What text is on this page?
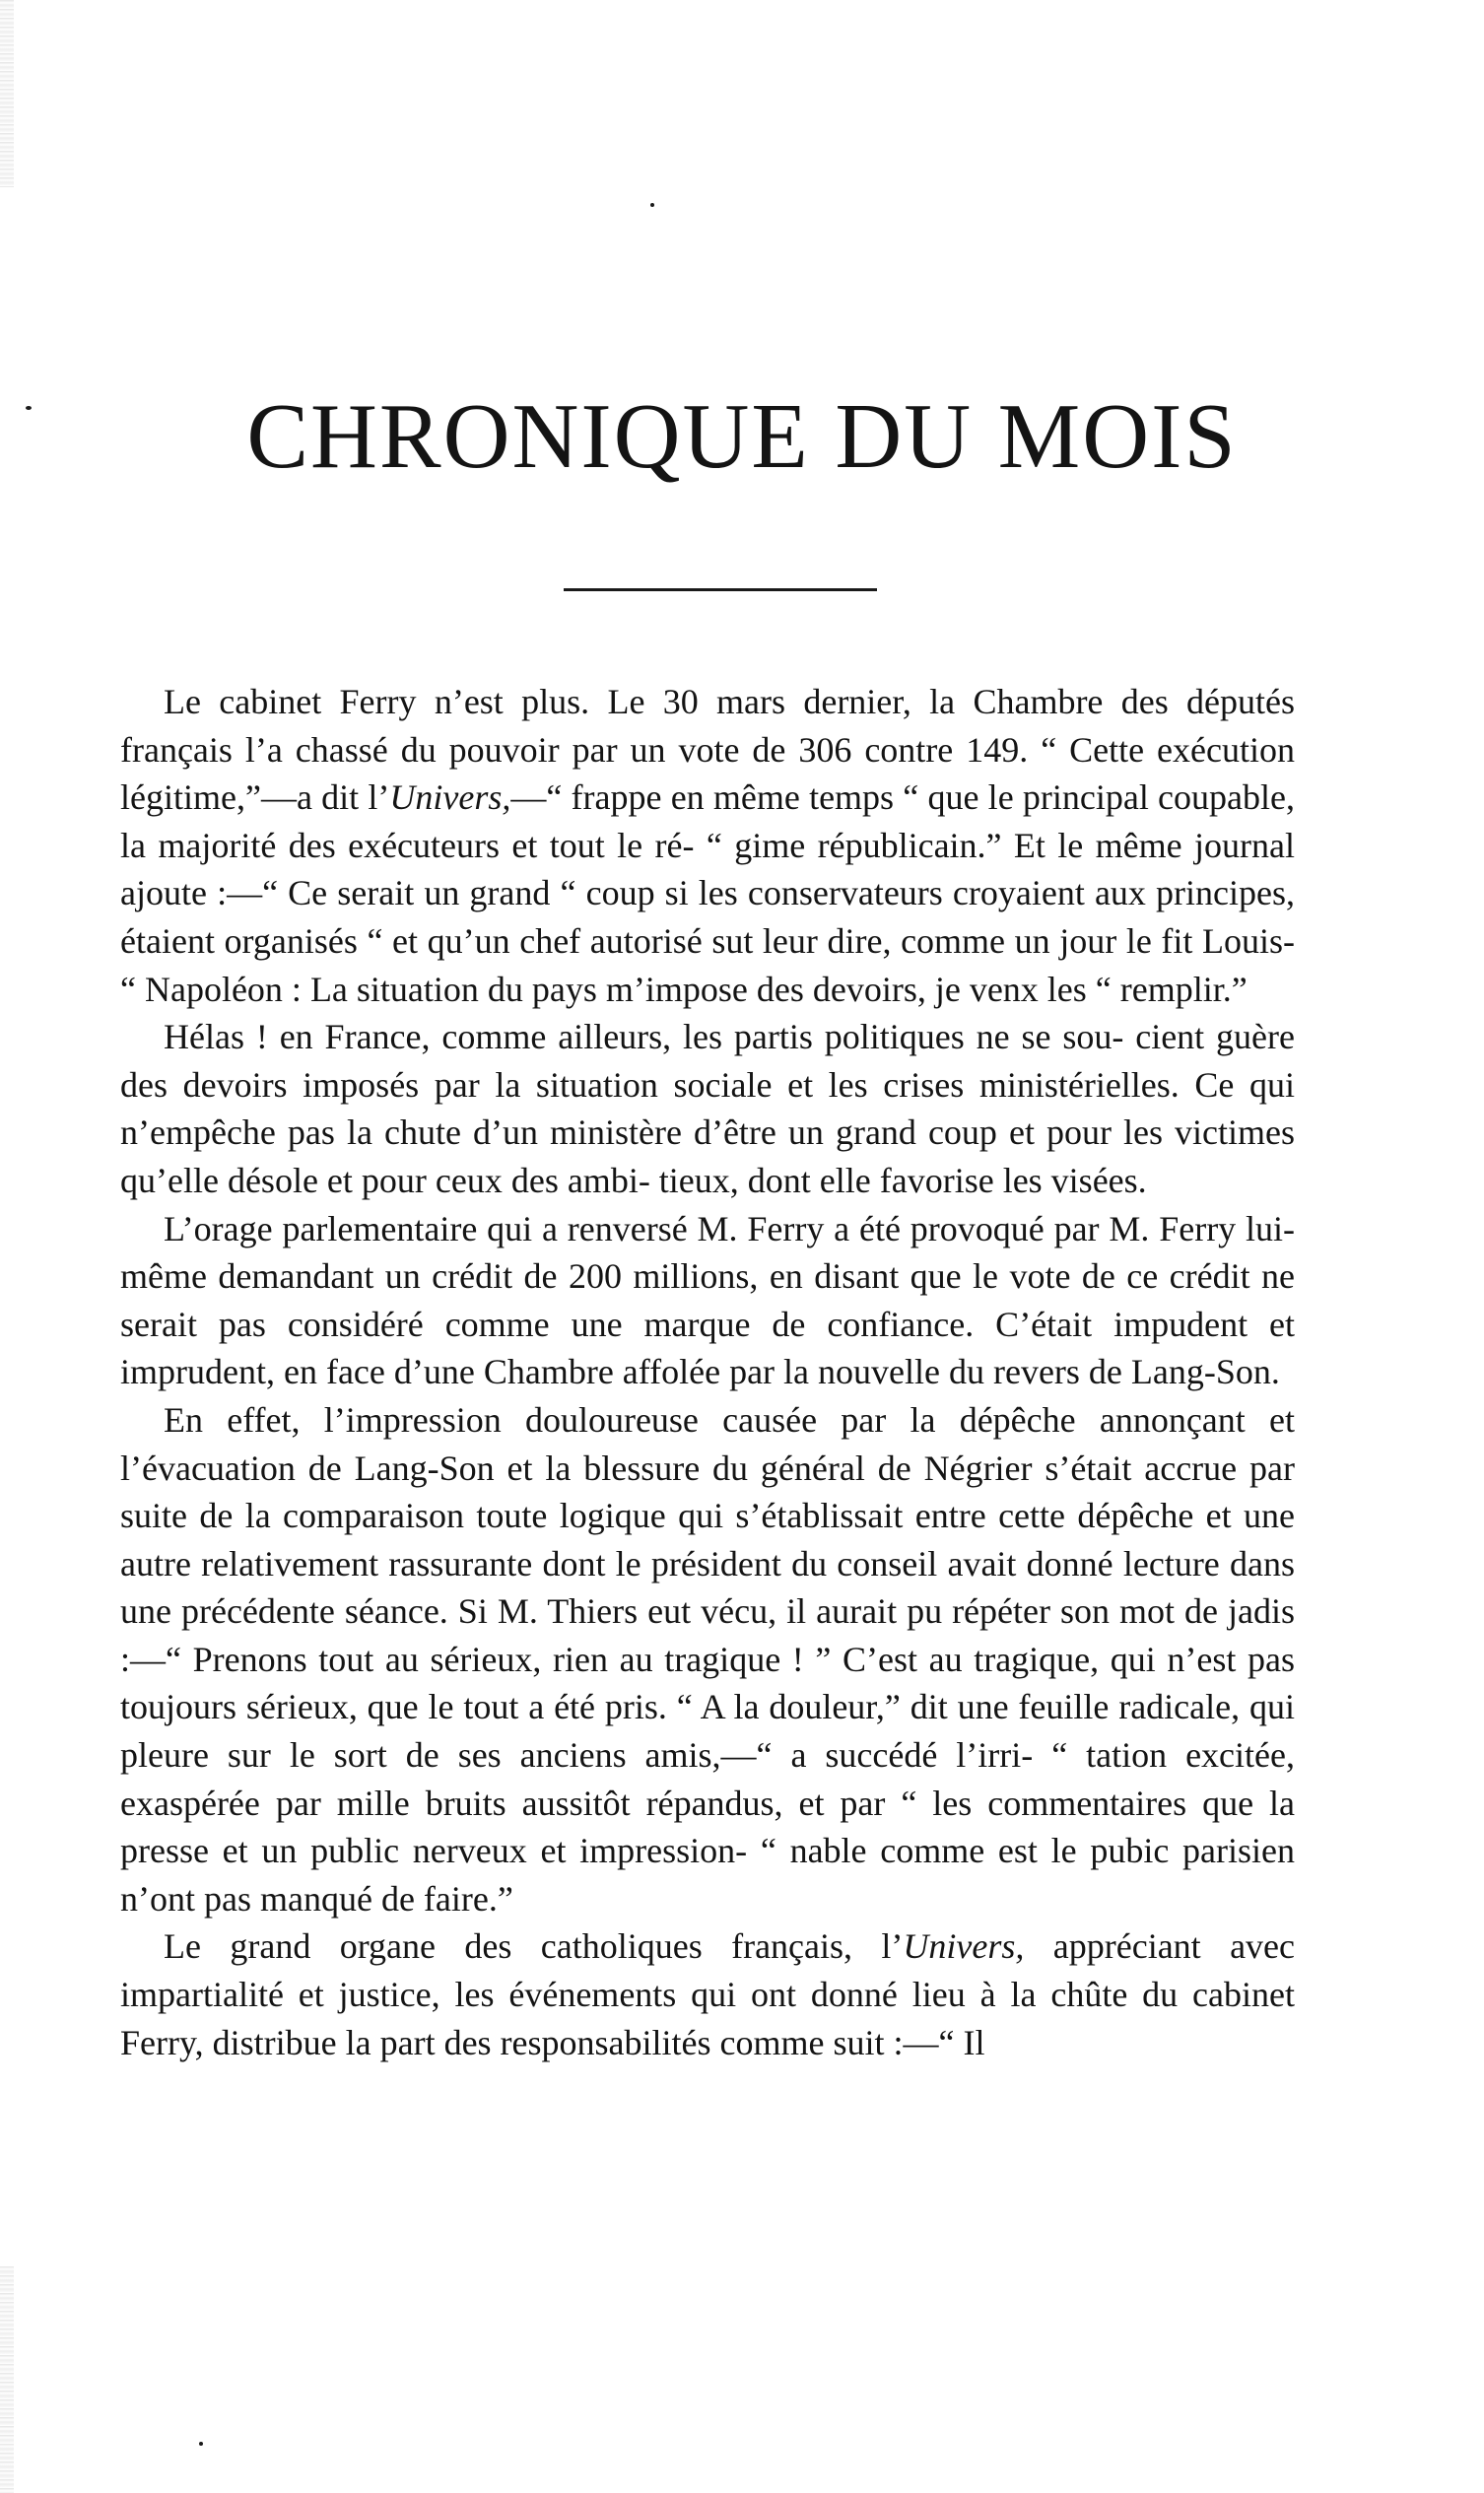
CHRONIQUE DU MOIS

Le cabinet Ferry n’est plus. Le 30 mars dernier, la Chambre des députés français l’a chassé du pouvoir par un vote de 306 contre 149. “ Cette exécution légitime,”—a dit l’Univers,—“ frappe en même temps “ que le principal coupable, la majorité des exécuteurs et tout le ré- “ gime républicain.” Et le même journal ajoute :—“ Ce serait un grand “ coup si les conservateurs croyaient aux principes, étaient organisés “ et qu’un chef autorisé sut leur dire, comme un jour le fit Louis- “ Napoléon : La situation du pays m’impose des devoirs, je venx les “ remplir.”

Hélas ! en France, comme ailleurs, les partis politiques ne se sou- cient guère des devoirs imposés par la situation sociale et les crises ministérielles. Ce qui n’empêche pas la chute d’un ministère d’être un grand coup et pour les victimes qu’elle désole et pour ceux des ambi- tieux, dont elle favorise les visées.

L’orage parlementaire qui a renversé M. Ferry a été provoqué par M. Ferry lui-même demandant un crédit de 200 millions, en disant que le vote de ce crédit ne serait pas considéré comme une marque de confiance. C’était impudent et imprudent, en face d’une Chambre affolée par la nouvelle du revers de Lang-Son.

En effet, l’impression douloureuse causée par la dépêche annonçant et l’évacuation de Lang-Son et la blessure du général de Négrier s’était accrue par suite de la comparaison toute logique qui s’établissait entre cette dépêche et une autre relativement rassurante dont le président du conseil avait donné lecture dans une précédente séance. Si M. Thiers eut vécu, il aurait pu répéter son mot de jadis :—“ Prenons tout au sérieux, rien au tragique ! ” C’est au tragique, qui n’est pas toujours sérieux, que le tout a été pris. “ A la douleur,” dit une feuille radicale, qui pleure sur le sort de ses anciens amis,—“ a succédé l’irri- “ tation excitée, exaspérée par mille bruits aussitôt répandus, et par “ les commentaires que la presse et un public nerveux et impression- “ nable comme est le pubic parisien n’ont pas manqué de faire.”

Le grand organe des catholiques français, l’Univers, appréciant avec impartialité et justice, les événements qui ont donné lieu à la chûte du cabinet Ferry, distribue la part des responsabilités comme suit :—“ Il
